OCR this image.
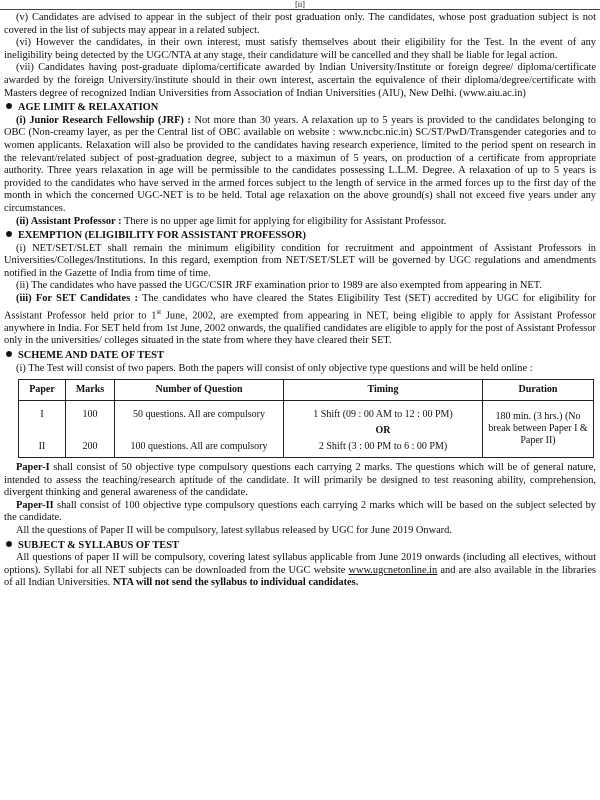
[ii]

(v) Candidates are advised to appear in the subject of their post graduation only. The candidates, whose post graduation subject is not covered in the list of subjects may appear in a related subject.

(vi) However the candidates, in their own interest, must satisfy themselves about their eligibility for the Test. In the event of any ineligibility being detected by the UGC/NTA at any stage, their candidature will be cancelled and they shall be liable for legal action.

(vii) Candidates having post-graduate diploma/certificate awarded by Indian University/Institute or foreign degree/ diploma/certificate awarded by the foreign University/institute should in their own interest, ascertain the equivalence of their diploma/degree/certificate with Masters degree of recognized Indian Universities from Association of Indian Universities (AIU), New Delhi. (www.aiu.ac.in)

AGE LIMIT & RELAXATION

(i) Junior Research Fellowship (JRF) : Not more than 30 years. A relaxation up to 5 years is provided to the candidates belonging to OBC (Non-creamy layer, as per the Central list of OBC available on website : www.ncbc.nic.in) SC/ST/PwD/Transgender categories and to women applicants. Relaxation will also be provided to the candidates having research experience, limited to the period spent on research in the relevant/related subject of post-graduation degree, subject to a maximun of 5 years, on production of a certificate from appropriate authority. Three years relaxation in age will be permissible to the candidates possessing L.L.M. Degree. A relaxation of up to 5 years is provided to the candidates who have served in the armed forces subject to the length of service in the armed forces up to the first day of the month in which the concerned UGC-NET is to be held. Total age relaxation on the above ground(s) shall not exceed five years under any circumstances.

(ii) Assistant Professor : There is no upper age limit for applying for eligibility for Assistant Professor.

EXEMPTION (ELIGIBILITY FOR ASSISTANT PROFESSOR)

(i) NET/SET/SLET shall remain the minimum eligibility condition for recruitment and appointment of Assistant Professors in Universities/Colleges/Institutions. In this regard, exemption from NET/SET/SLET will be governed by UGC regulations and amendments notified in the Gazette of India from time of time.

(ii) The candidates who have passed the UGC/CSIR JRF examination prior to 1989 are also exempted from appearing in NET.

(iii) For SET Candidates : The candidates who have cleared the States Eligibility Test (SET) accredited by UGC for eligibility for Assistant Professor held prior to 1st June, 2002, are exempted from appearing in NET, being eligible to apply for Assistant Professor anywhere in India. For SET held from 1st June, 2002 onwards, the qualified candidates are eligible to apply for the post of Assistant Professor only in the universities/ colleges situated in the state from where they have cleared their SET.

SCHEME AND DATE OF TEST

(i) The Test will consist of two papers. Both the papers will consist of only objective type questions and will be held online :

Paper	Marks	Number of Question	Timing	Duration
I	100	50 questions. All are compulsory	1 Shift (09 : 00 AM to 12 : 00 PM)	180 min. (3 hrs.) (No break between Paper I & Paper II)
			OR	
II	200	100 questions. All are compulsory	2 Shift (3 : 00 PM to 6 : 00 PM)	

Paper-I shall consist of 50 objective type compulsory questions each carrying 2 marks. The questions which will be of general nature, intended to assess the teaching/research aptitude of the candidate. It will primarily be designed to test reasoning ability, comprehension, divergent thinking and general awareness of the candidate.

Paper-II shall consist of 100 objective type compulsory questions each carrying 2 marks which will be based on the subject selected by the candidate.

All the questions of Paper II will be compulsory, latest syllabus released by UGC for June 2019 Onward.

SUBJECT & SYLLABUS OF TEST

All questions of paper II will be compulsory, covering latest syllabus applicable from June 2019 onwards (including all electives, without options). Syllabi for all NET subjects can be downloaded from the UGC website www.ugcnetonline.in and are also available in the libraries of all Indian Universities. NTA will not send the syllabus to individual candidates.
